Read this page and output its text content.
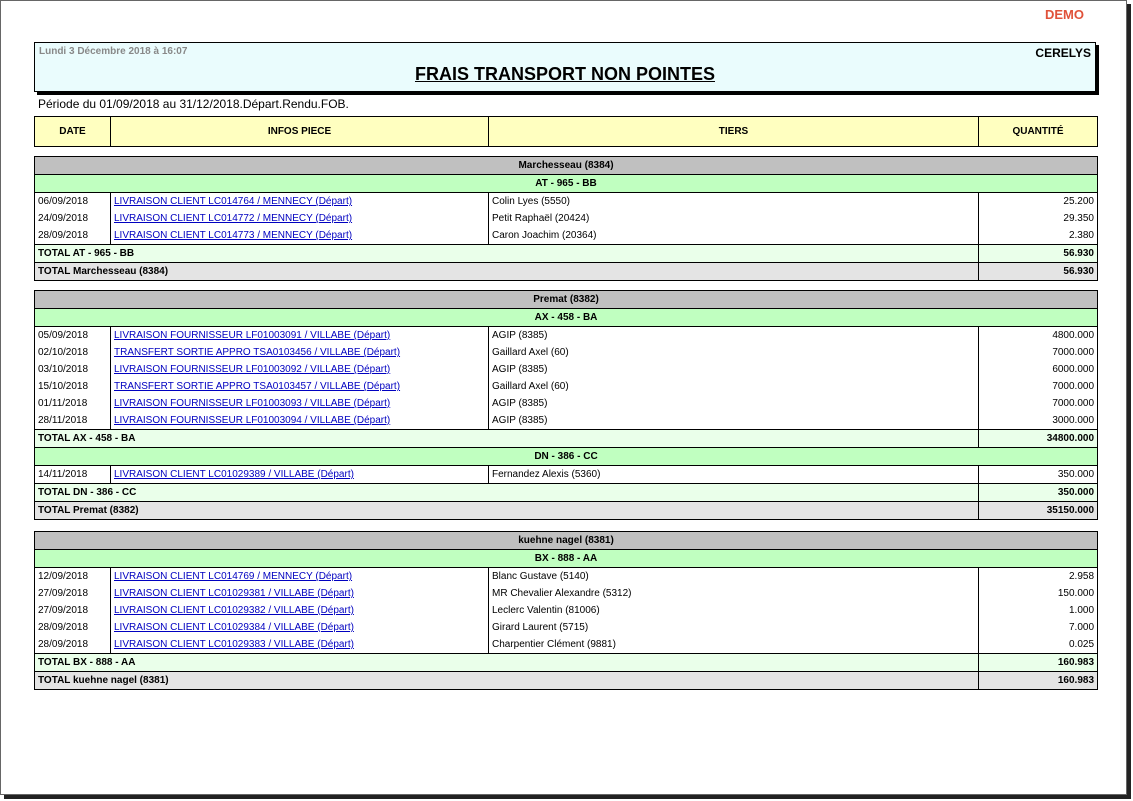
DEMO
Lundi 3 Décembre 2018 à 16:07	CERELYS
FRAIS TRANSPORT NON POINTES
Période du 01/09/2018 au 31/12/2018.Départ.Rendu.FOB.
DATE	INFOS PIECE	TIERS	QUANTITÉ
Marchesseau (8384)			
AT - 965 - BB			
06/09/2018	LIVRAISON CLIENT LC014764 / MENNECY (Départ)	Colin Lyes (5550)	25.200
24/09/2018	LIVRAISON CLIENT LC014772 / MENNECY (Départ)	Petit Raphaël (20424)	29.350
28/09/2018	LIVRAISON CLIENT LC014773 / MENNECY (Départ)	Caron Joachim (20364)	2.380
TOTAL AT - 965 - BB			56.930
TOTAL Marchesseau (8384)			56.930
Premat (8382)			
AX - 458 - BA			
05/09/2018	LIVRAISON FOURNISSEUR LF01003091 / VILLABE (Départ)	AGIP (8385)	4800.000
02/10/2018	TRANSFERT SORTIE APPRO TSA0103456 / VILLABE (Départ)	Gaillard Axel (60)	7000.000
03/10/2018	LIVRAISON FOURNISSEUR LF01003092 / VILLABE (Départ)	AGIP (8385)	6000.000
15/10/2018	TRANSFERT SORTIE APPRO TSA0103457 / VILLABE (Départ)	Gaillard Axel (60)	7000.000
01/11/2018	LIVRAISON FOURNISSEUR LF01003093 / VILLABE (Départ)	AGIP (8385)	7000.000
28/11/2018	LIVRAISON FOURNISSEUR LF01003094 / VILLABE (Départ)	AGIP (8385)	3000.000
TOTAL AX - 458 - BA			34800.000
DN - 386 - CC			
14/11/2018	LIVRAISON CLIENT LC01029389 / VILLABE (Départ)	Fernandez Alexis (5360)	350.000
TOTAL DN - 386 - CC			350.000
TOTAL Premat (8382)			35150.000
kuehne nagel (8381)			
BX - 888 - AA			
12/09/2018	LIVRAISON CLIENT LC014769 / MENNECY (Départ)	Blanc Gustave (5140)	2.958
27/09/2018	LIVRAISON CLIENT LC01029381 / VILLABE (Départ)	MR Chevalier Alexandre (5312)	150.000
27/09/2018	LIVRAISON CLIENT LC01029382 / VILLABE (Départ)	Leclerc Valentin (81006)	1.000
28/09/2018	LIVRAISON CLIENT LC01029384 / VILLABE (Départ)	Girard Laurent (5715)	7.000
28/09/2018	LIVRAISON CLIENT LC01029383 / VILLABE (Départ)	Charpentier Clément (9881)	0.025
TOTAL BX - 888 - AA			160.983
TOTAL kuehne nagel (8381)			160.983
